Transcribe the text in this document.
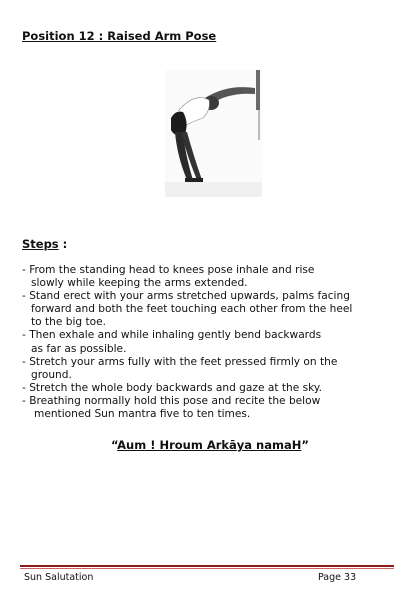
Position 12 : Raised Arm Pose
Steps :
- From the standing head to knees pose inhale and rise
slowly while keeping the arms extended.
- Stand erect with your arms stretched upwards, palms facing
forward and both the feet touching each other from the heel
to the big toe.
- Then exhale and while inhaling gently bend backwards
as far as possible.
- Stretch your arms fully with the feet pressed firmly on the
ground.
- Stretch the whole body backwards and gaze at the sky.
- Breathing normally hold this pose and recite the below
mentioned Sun mantra five to ten times.
“Aum ! Hroum Arkāya namaH”
Sun Salutation	Page 33
